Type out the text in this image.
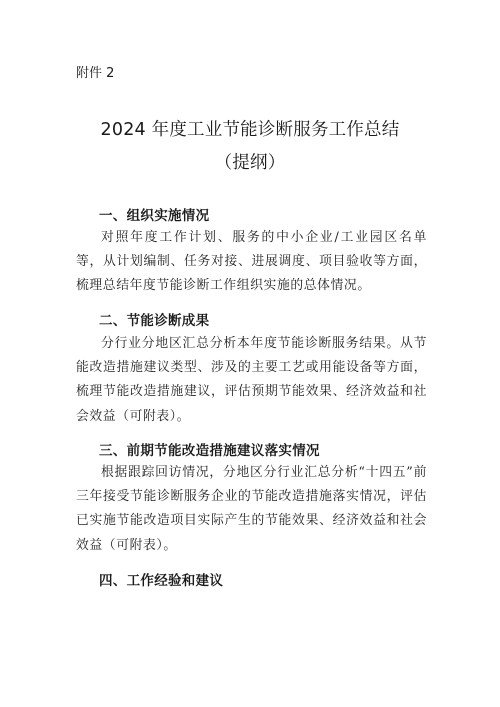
附件 2
2024 年度工业节能诊断服务工作总结
（提纲）
一、组织实施情况
对照年度工作计划、服务的中小企业/工业园区名单等，从计划编制、任务对接、进展调度、项目验收等方面，梳理总结年度节能诊断工作组织实施的总体情况。
二、节能诊断成果
分行业分地区汇总分析本年度节能诊断服务结果。从节能改造措施建议类型、涉及的主要工艺或用能设备等方面，梳理节能改造措施建议，评估预期节能效果、经济效益和社会效益（可附表）。
三、前期节能改造措施建议落实情况
根据跟踪回访情况，分地区分行业汇总分析“十四五”前三年接受节能诊断服务企业的节能改造措施落实情况，评估已实施节能改造项目实际产生的节能效果、经济效益和社会效益（可附表）。
四、工作经验和建议
